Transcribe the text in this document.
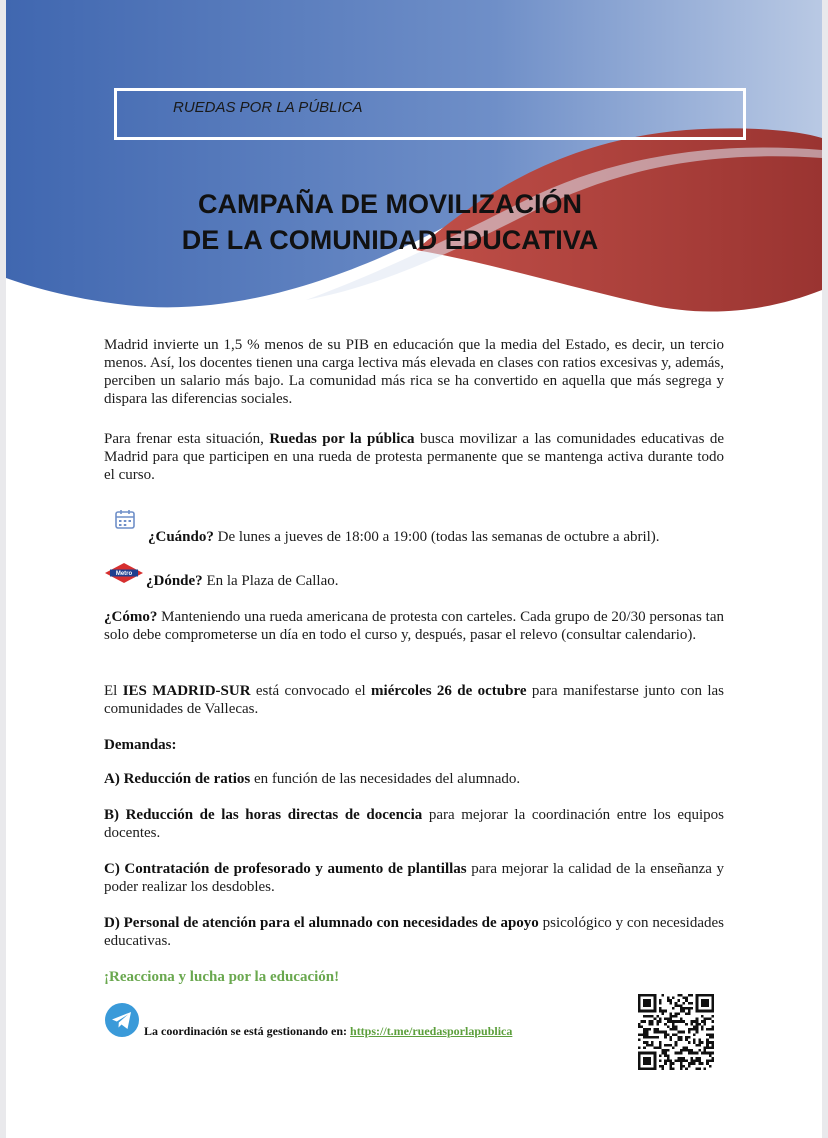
RUEDAS POR LA PÚBLICA
CAMPAÑA DE MOVILIZACIÓN
DE LA COMUNIDAD EDUCATIVA

Madrid invierte un 1,5 % menos de su PIB en educación que la media del Estado, es decir, un tercio menos. Así, los docentes tienen una carga lectiva más elevada en clases con ratios excesivas y, además, perciben un salario más bajo. La comunidad más rica se ha convertido en aquella que más segrega y dispara las diferencias sociales.

Para frenar esta situación, Ruedas por la pública busca movilizar a las comunidades educativas de Madrid para que participen en una rueda de protesta permanente que se mantenga activa durante todo el curso.

¿Cuándo? De lunes a jueves de 18:00 a 19:00 (todas las semanas de octubre a abril).

Metro ¿Dónde? En la Plaza de Callao.

¿Cómo? Manteniendo una rueda americana de protesta con carteles. Cada grupo de 20/30 personas tan solo debe comprometerse un día en todo el curso y, después, pasar el relevo (consultar calendario).

El IES MADRID-SUR está convocado el miércoles 26 de octubre para manifestarse junto con las comunidades de Vallecas.

Demandas:

A) Reducción de ratios en función de las necesidades del alumnado.

B) Reducción de las horas directas de docencia para mejorar la coordinación entre los equipos docentes.

C) Contratación de profesorado y aumento de plantillas para mejorar la calidad de la enseñanza y poder realizar los desdobles.

D) Personal de atención para el alumnado con necesidades de apoyo psicológico y con necesidades educativas.

¡Reacciona y lucha por la educación!

La coordinación se está gestionando en: https://t.me/ruedasporlapublica
